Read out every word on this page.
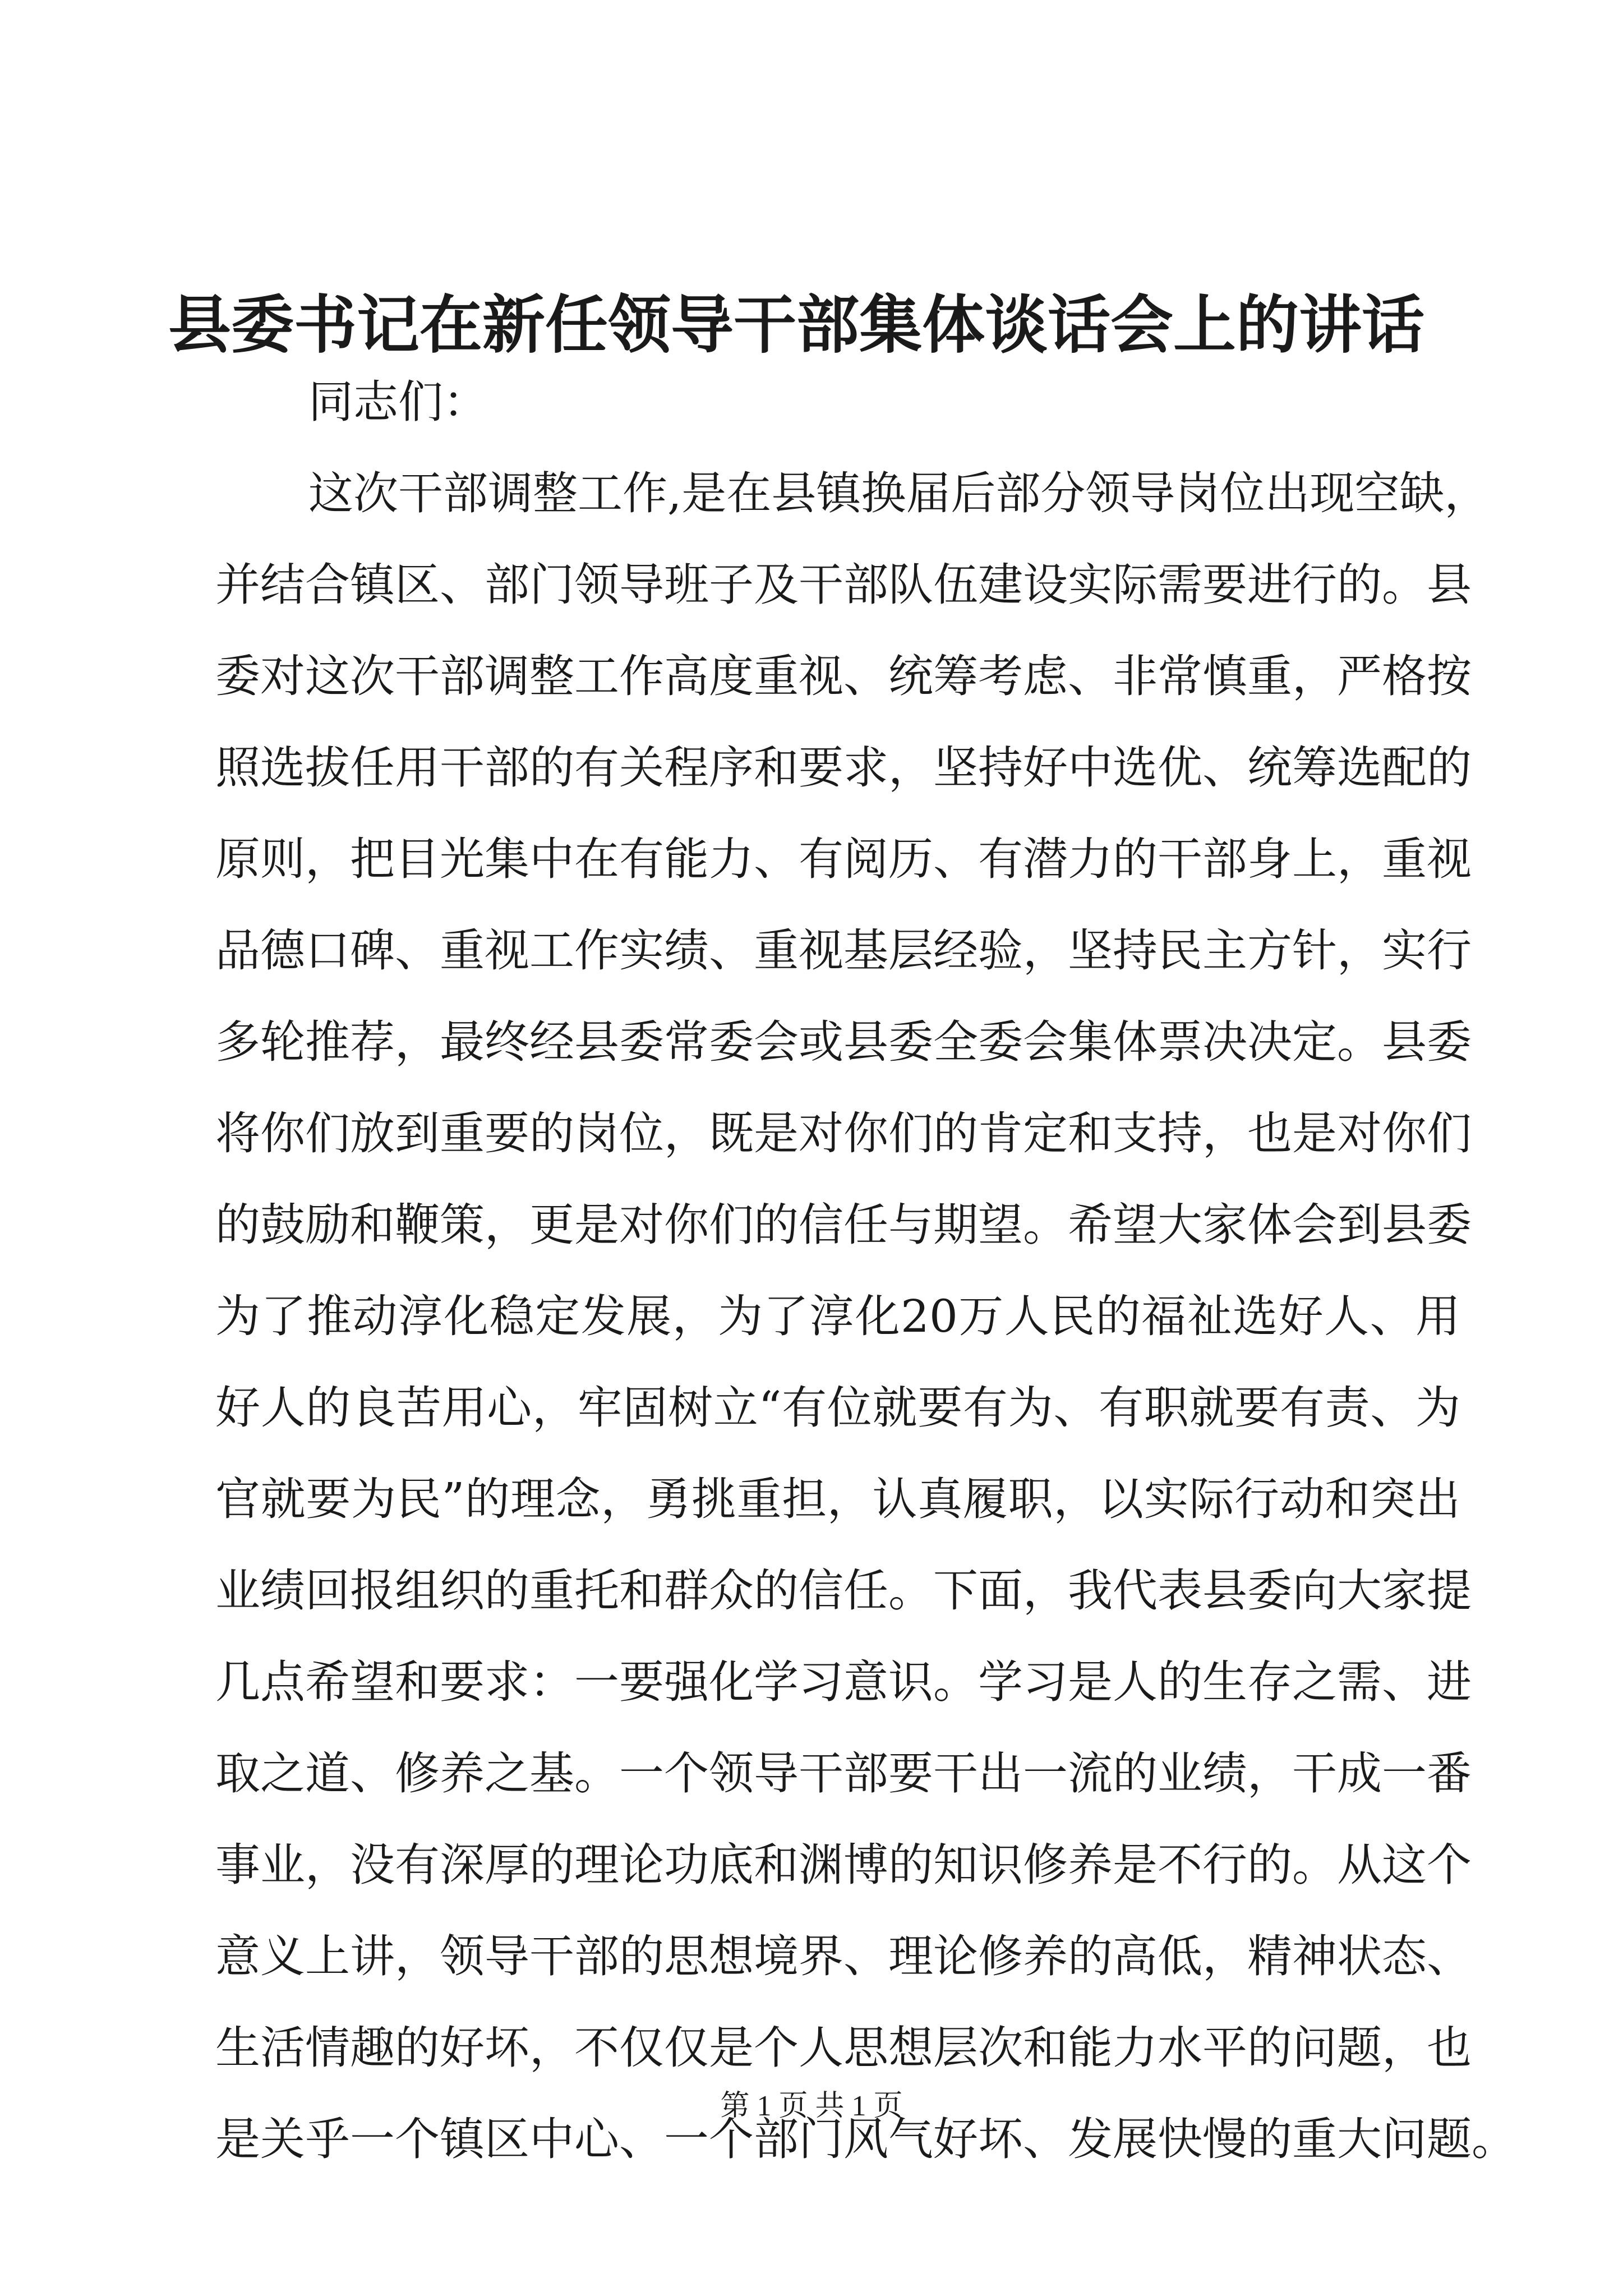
县委书记在新任领导干部集体谈话会上的讲话
同志们：
这次干部调整工作,是在县镇换届后部分领导岗位出现空缺，
并结合镇区、部门领导班子及干部队伍建设实际需要进行的。县
委对这次干部调整工作高度重视、统筹考虑、非常慎重，严格按
照选拔任用干部的有关程序和要求，坚持好中选优、统筹选配的
原则，把目光集中在有能力、有阅历、有潜力的干部身上，重视
品德口碑、重视工作实绩、重视基层经验，坚持民主方针，实行
多轮推荐，最终经县委常委会或县委全委会集体票决决定。县委
将你们放到重要的岗位，既是对你们的肯定和支持，也是对你们
的鼓励和鞭策，更是对你们的信任与期望。希望大家体会到县委
为了推动淳化稳定发展，为了淳化20万人民的福祉选好人、用
好人的良苦用心，牢固树立“有位就要有为、有职就要有责、为
官就要为民”的理念，勇挑重担，认真履职，以实际行动和突出
业绩回报组织的重托和群众的信任。下面，我代表县委向大家提
几点希望和要求：一要强化学习意识。学习是人的生存之需、进
取之道、修养之基。一个领导干部要干出一流的业绩，干成一番
事业，没有深厚的理论功底和渊博的知识修养是不行的。从这个
意义上讲，领导干部的思想境界、理论修养的高低，精神状态、
生活情趣的好坏，不仅仅是个人思想层次和能力水平的问题，也
是关乎一个镇区中心、一个部门风气好坏、发展快慢的重大问题。
第 1 页 共 1 页
